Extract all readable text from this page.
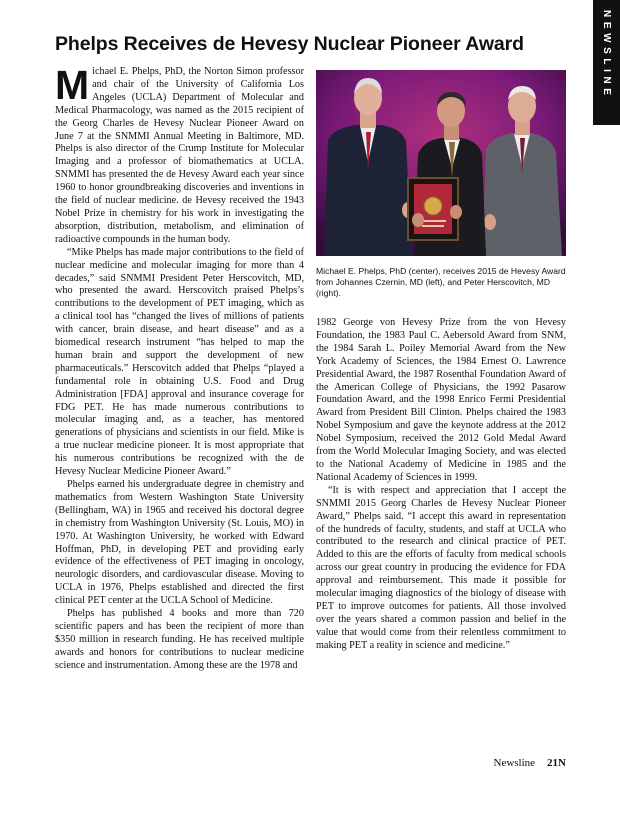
NEWSLINE
Phelps Receives de Hevesy Nuclear Pioneer Award

Michael E. Phelps, PhD, the Norton Simon professor and chair of the University of California Los Angeles (UCLA) Department of Molecular and Medical Pharmacology, was named as the 2015 recipient of the Georg Charles de Hevesy Nuclear Pioneer Award on June 7 at the SNMMI Annual Meeting in Baltimore, MD. Phelps is also director of the Crump Institute for Molecular Imaging and a professor of biomathematics at UCLA. SNMMI has presented the de Hevesy Award each year since 1960 to honor groundbreaking discoveries and inventions in the field of nuclear medicine. de Hevesy received the 1943 Nobel Prize in chemistry for his work in investigating the absorption, distribution, metabolism, and elimination of radioactive compounds in the human body.

“Mike Phelps has made major contributions to the field of nuclear medicine and molecular imaging for more than 4 decades,” said SNMMI President Peter Herscovitch, MD, who presented the award. Herscovitch praised Phelps’s contributions to the development of PET imaging, which as a clinical tool has “changed the lives of millions of patients with cancer, brain disease, and heart disease” and as a biomedical research instrument “has helped to map the human brain and support the development of new pharmaceuticals.” Herscovitch added that Phelps “played a fundamental role in obtaining U.S. Food and Drug Administration [FDA] approval and insurance coverage for FDG PET. He has made numerous contributions to molecular imaging and, as a teacher, has mentored generations of physicians and scientists in our field. Mike is a true nuclear medicine pioneer. It is most appropriate that his numerous contributions be recognized with the de Hevesy Nuclear Medicine Pioneer Award.”

Phelps earned his undergraduate degree in chemistry and mathematics from Western Washington State University (Bellingham, WA) in 1965 and received his doctoral degree in chemistry from Washington University (St. Louis, MO) in 1970. At Washington University, he worked with Edward Hoffman, PhD, in developing PET and providing early evidence of the effectiveness of PET imaging in oncology, neurologic disorders, and cardiovascular disease. Moving to UCLA in 1976, Phelps established and directed the first clinical PET center at the UCLA School of Medicine.

Phelps has published 4 books and more than 720 scientific papers and has been the recipient of more than $350 million in research funding. He has received multiple awards and honors for contributions to nuclear medicine science and instrumentation. Among these are the 1978 and

Michael E. Phelps, PhD (center), receives 2015 de Hevesy Award from Johannes Czernin, MD (left), and Peter Herscovitch, MD (right).

1982 George von Hevesy Prize from the von Hevesy Foundation, the 1983 Paul C. Aebersold Award from SNM, the 1984 Sarah L. Poiley Memorial Award from the New York Academy of Sciences, the 1984 Ernest O. Lawrence Presidential Award, the 1987 Rosenthal Foundation Award of the American College of Physicians, the 1992 Pasarow Foundation Award, and the 1998 Enrico Fermi Presidential Award from President Bill Clinton. Phelps chaired the 1983 Nobel Symposium and gave the keynote address at the 2012 Nobel Symposium, received the 2012 Gold Medal Award from the World Molecular Imaging Society, and was elected to the National Academy of Medicine in 1985 and the National Academy of Sciences in 1999.

“It is with respect and appreciation that I accept the SNMMI 2015 Georg Charles de Hevesy Nuclear Pioneer Award,” Phelps said. “I accept this award in representation of the hundreds of faculty, students, and staff at UCLA who contributed to the research and clinical practice of PET. Added to this are the efforts of faculty from medical schools across our great country in producing the evidence for FDA approval and reimbursement. This made it possible for molecular imaging diagnostics of the biology of disease with PET to improve outcomes for patients. All those involved over the years shared a common passion and belief in the value that would come from their relentless commitment to making PET a reality in science and medicine.”

Newsline 21N
